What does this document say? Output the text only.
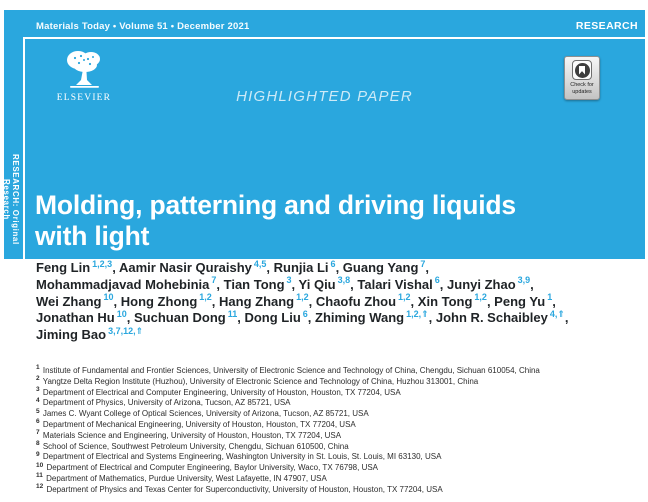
Materials Today • Volume 51 • December 2021	RESEARCH
RESEARCH: Original Research
ELSEVIER	HIGHLIGHTED PAPER
Check for
updates
Molding, patterning and driving liquids
with light

Feng Lin $^{1,2,3}$, Aamir Nasir Quraishy $^{4,5}$, Runjia Li $^6$, Guang Yang $^7$,
Mohammadjavad Mohebinia $^7$, Tian Tong $^3$, Yi Qiu $^{3,8}$, Talari Vishal $^6$, Junyi Zhao $^{3,9}$,
Wei Zhang $^{10}$, Hong Zhong $^{1,2}$, Hang Zhang $^{1,2}$, Chaofu Zhou $^{1,2}$, Xin Tong $^{1,2}$, Peng Yu $^1$,
Jonathan Hu $^{10}$, Suchuan Dong $^{11}$, Dong Liu $^6$, Zhiming Wang $^{1,2,⇑}$, John R. Schaibley $^{4,⇑}$,
Jiming Bao $^{3,7,12,⇑}$

$^1$ Institute of Fundamental and Frontier Sciences, University of Electronic Science and Technology of China, Chengdu, Sichuan 610054, China
$^2$ Yangtze Delta Region Institute (Huzhou), University of Electronic Science and Technology of China, Huzhou 313001, China
$^3$ Department of Electrical and Computer Engineering, University of Houston, Houston, TX 77204, USA
$^4$ Department of Physics, University of Arizona, Tucson, AZ 85721, USA
$^5$ James C. Wyant College of Optical Sciences, University of Arizona, Tucson, AZ 85721, USA
$^6$ Department of Mechanical Engineering, University of Houston, Houston, TX 77204, USA
$^7$ Materials Science and Engineering, University of Houston, Houston, TX 77204, USA
$^8$ School of Science, Southwest Petroleum University, Chengdu, Sichuan 610500, China
$^9$ Department of Electrical and Systems Engineering, Washington University in St. Louis, St. Louis, MI 63130, USA
$^{10}$ Department of Electrical and Computer Engineering, Baylor University, Waco, TX 76798, USA
$^{11}$ Department of Mathematics, Purdue University, West Lafayette, IN 47907, USA
$^{12}$ Department of Physics and Texas Center for Superconductivity, University of Houston, Houston, TX 77204, USA
